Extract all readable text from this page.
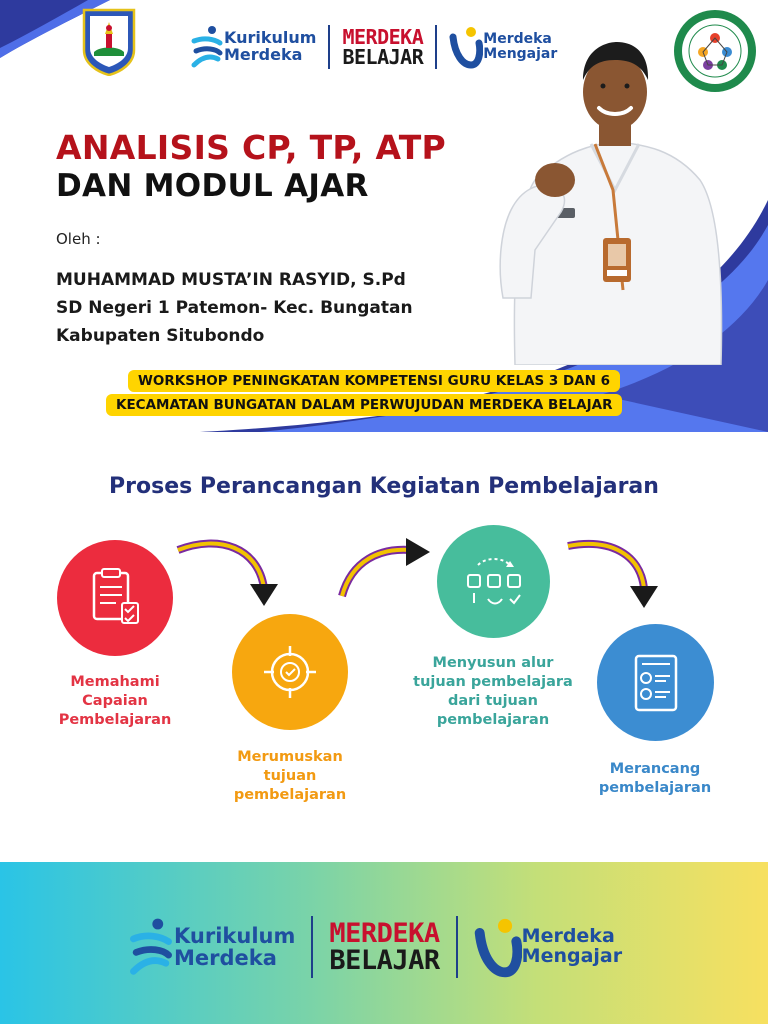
Kurikulum
Merdeka
MERDEKA
BELAJAR
Merdeka
Mengajar
ANALISIS CP, TP, ATP
DAN MODUL AJAR
Oleh :
MUHAMMAD MUSTA’IN RASYID, S.Pd
SD Negeri 1 Patemon- Kec. Bungatan
Kabupaten Situbondo
WORKSHOP PENINGKATAN KOMPETENSI GURU KELAS 3 DAN 6
KECAMATAN BUNGATAN DALAM PERWUJUDAN MERDEKA BELAJAR
Proses Perancangan Kegiatan Pembelajaran
Memahami
Capaian
Pembelajaran
Merumuskan
tujuan
pembelajaran
Menyusun alur
tujuan pembelajara
dari tujuan
pembelajaran
Merancang
pembelajaran
Kurikulum
Merdeka
MERDEKA
BELAJAR
Merdeka
Mengajar
